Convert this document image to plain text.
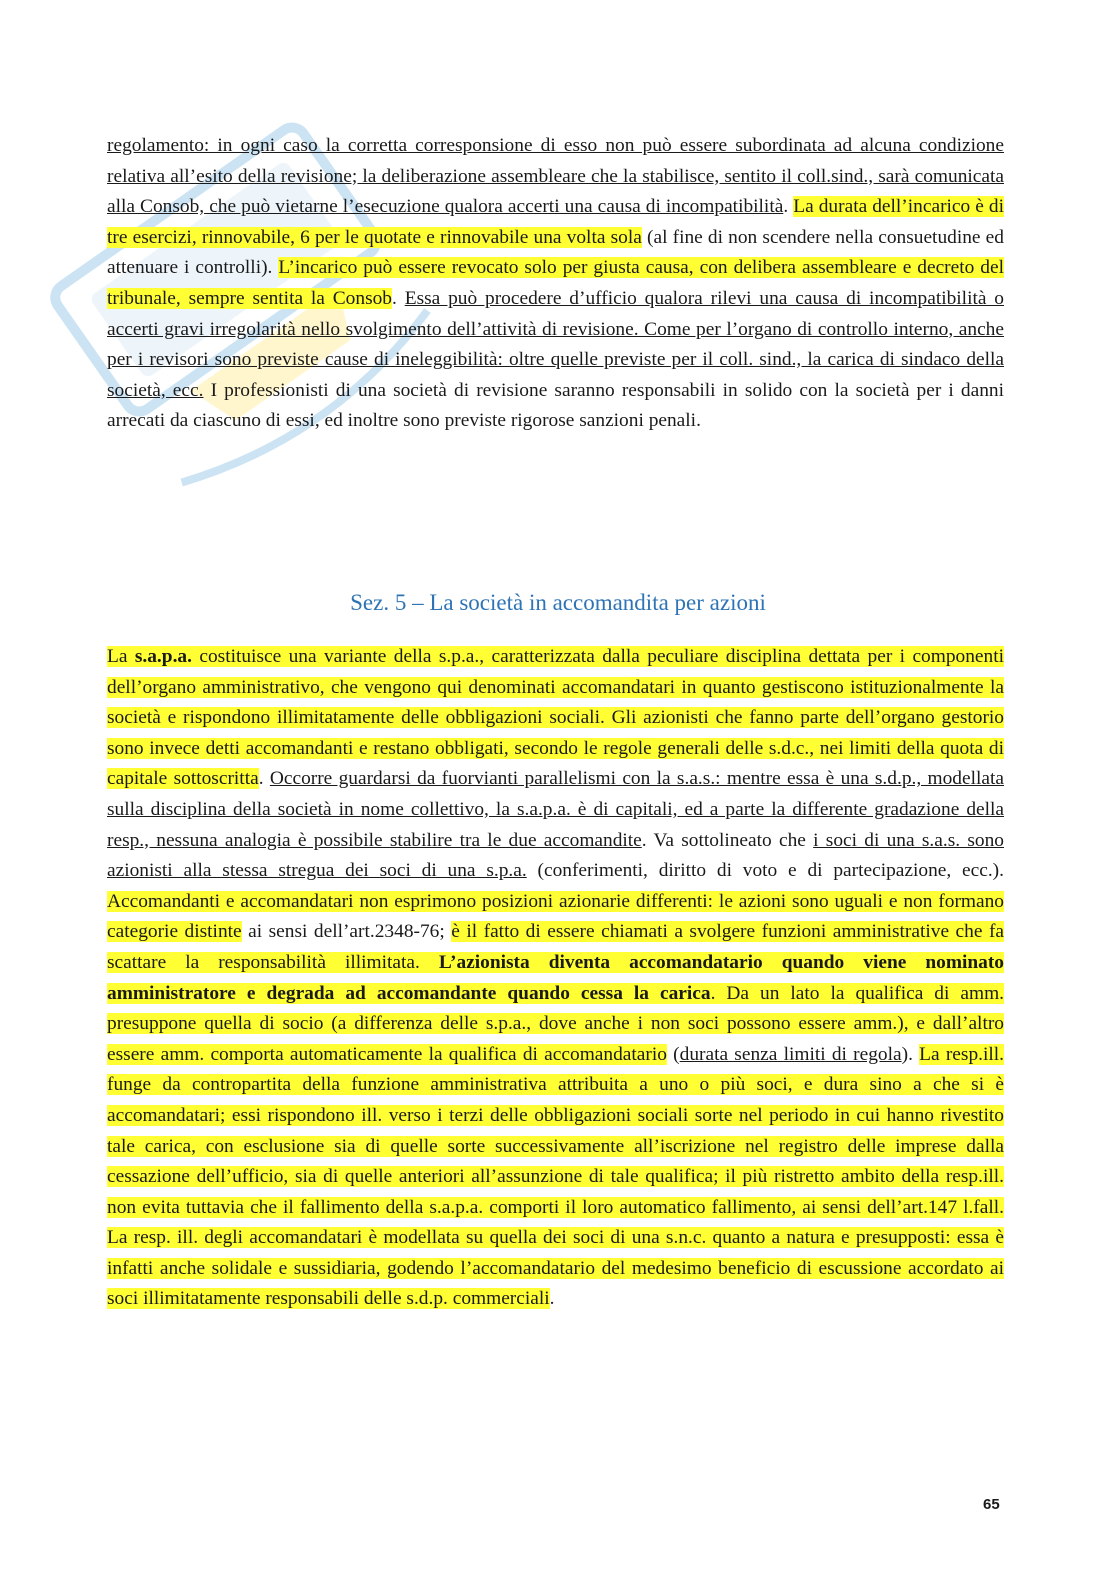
regolamento: in ogni caso la corretta corresponsione di esso non può essere subordinata ad alcuna condizione relativa all’esito della revisione; la deliberazione assembleare che la stabilisce, sentito il coll.sind., sarà comunicata alla Consob, che può vietarne l’esecuzione qualora accerti una causa di incompatibilità. La durata dell’incarico è di tre esercizi, rinnovabile, 6 per le quotate e rinnovabile una volta sola (al fine di non scendere nella consuetudine ed attenuare i controlli). L’incarico può essere revocato solo per giusta causa, con delibera assembleare e decreto del tribunale, sempre sentita la Consob. Essa può procedere d’ufficio qualora rilevi una causa di incompatibilità o accerti gravi irregolarità nello svolgimento dell’attività di revisione. Come per l’organo di controllo interno, anche per i revisori sono previste cause di ineleggibilità: oltre quelle previste per il coll. sind., la carica di sindaco della società, ecc. I professionisti di una società di revisione saranno responsabili in solido con la società per i danni arrecati da ciascuno di essi, ed inoltre sono previste rigorose sanzioni penali.

Sez. 5 – La società in accomandita per azioni

La s.a.p.a. costituisce una variante della s.p.a., caratterizzata dalla peculiare disciplina dettata per i componenti dell’organo amministrativo, che vengono qui denominati accomandatari in quanto gestiscono istituzionalmente la società e rispondono illimitatamente delle obbligazioni sociali. Gli azionisti che fanno parte dell’organo gestorio sono invece detti accomandanti e restano obbligati, secondo le regole generali delle s.d.c., nei limiti della quota di capitale sottoscritta. Occorre guardarsi da fuorvianti parallelismi con la s.a.s.: mentre essa è una s.d.p., modellata sulla disciplina della società in nome collettivo, la s.a.p.a. è di capitali, ed a parte la differente gradazione della resp., nessuna analogia è possibile stabilire tra le due accomandite. Va sottolineato che i soci di una s.a.s. sono azionisti alla stessa stregua dei soci di una s.p.a. (conferimenti, diritto di voto e di partecipazione, ecc.). Accomandanti e accomandatari non esprimono posizioni azionarie differenti: le azioni sono uguali e non formano categorie distinte ai sensi dell’art.2348-76; è il fatto di essere chiamati a svolgere funzioni amministrative che fa scattare la responsabilità illimitata. L’azionista diventa accomandatario quando viene nominato amministratore e degrada ad accomandante quando cessa la carica. Da un lato la qualifica di amm. presuppone quella di socio (a differenza delle s.p.a., dove anche i non soci possono essere amm.), e dall’altro essere amm. comporta automaticamente la qualifica di accomandatario (durata senza limiti di regola). La resp.ill. funge da contropartita della funzione amministrativa attribuita a uno o più soci, e dura sino a che si è accomandatari; essi rispondono ill. verso i terzi delle obbligazioni sociali sorte nel periodo in cui hanno rivestito tale carica, con esclusione sia di quelle sorte successivamente all’iscrizione nel registro delle imprese dalla cessazione dell’ufficio, sia di quelle anteriori all’assunzione di tale qualifica; il più ristretto ambito della resp.ill. non evita tuttavia che il fallimento della s.a.p.a. comporti il loro automatico fallimento, ai sensi dell’art.147 l.fall. La resp. ill. degli accomandatari è modellata su quella dei soci di una s.n.c. quanto a natura e presupposti: essa è infatti anche solidale e sussidiaria, godendo l’accomandatario del medesimo beneficio di escussione accordato ai soci illimitatamente responsabili delle s.d.p. commerciali.

65
